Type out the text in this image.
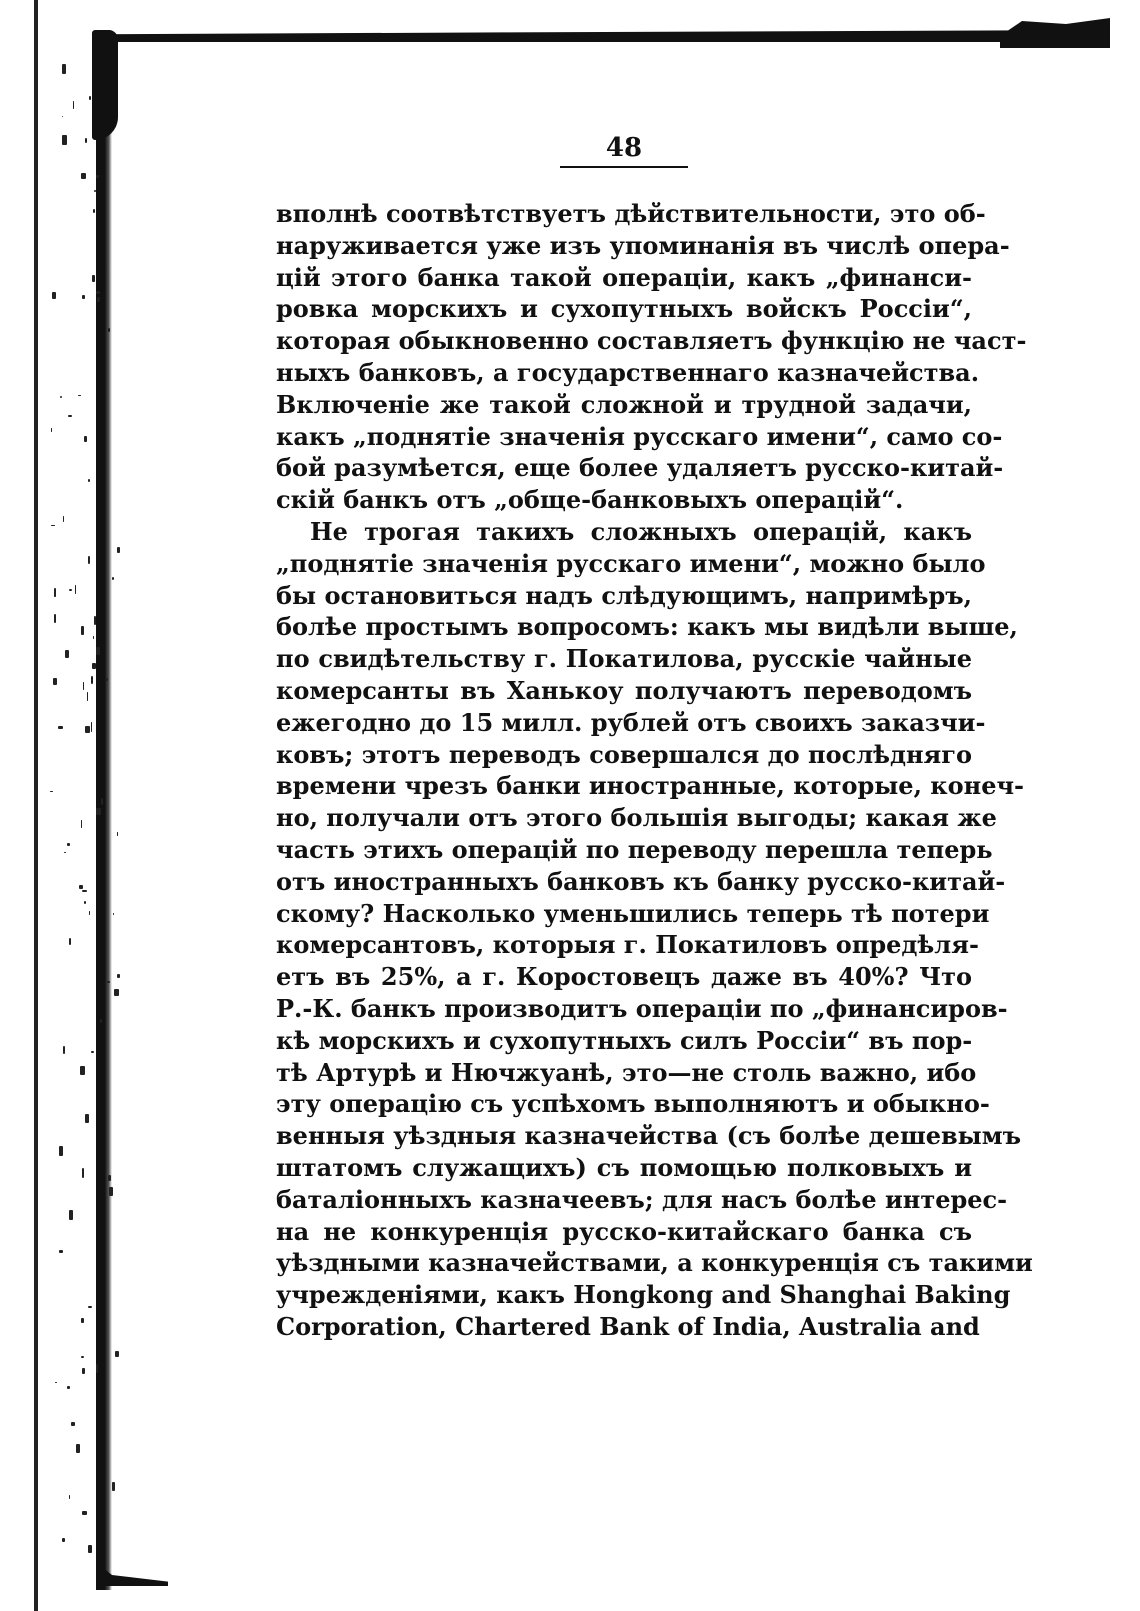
48
вполнѣ соотвѣтствуетъ дѣйствительности, это об-
наруживается уже изъ упоминанія въ числѣ опера-
цій этого банка такой операціи, какъ „финанси-
ровка морскихъ и сухопутныхъ войскъ Россіи“,
которая обыкновенно составляетъ функцію не част-
ныхъ банковъ, а государственнаго казначейства.
Включеніе же такой сложной и трудной задачи,
какъ „поднятіе значенія русскаго имени“, само со-
бой разумѣется, еще более удаляетъ русско-китай-
скій банкъ отъ „обще-банковыхъ операцій“.
Не трогая такихъ сложныхъ операцій, какъ
„поднятіе значенія русскаго имени“, можно было
бы остановиться надъ слѣдующимъ, напримѣръ,
болѣе простымъ вопросомъ: какъ мы видѣли выше,
по свидѣтельству г. Покатилова, русскіе чайные
комерсанты въ Ханькоу получаютъ переводомъ
ежегодно до 15 милл. рублей отъ своихъ заказчи-
ковъ; этотъ переводъ совершался до послѣдняго
времени чрезъ банки иностранные, которые, конеч-
но, получали отъ этого большія выгоды; какая же
часть этихъ операцій по переводу перешла теперь
отъ иностранныхъ банковъ къ банку русско-китай-
скому? Насколько уменьшились теперь тѣ потери
комерсантовъ, которыя г. Покатиловъ опредѣля-
етъ въ 25%, а г. Коростовецъ даже въ 40%? Что
Р.-К. банкъ производитъ операціи по „финансиров-
кѣ морскихъ и сухопутныхъ силъ Россіи“ въ пор-
тѣ Артурѣ и Нючжуанѣ, это—не столь важно, ибо
эту операцію съ успѣхомъ выполняютъ и обыкно-
венныя уѣздныя казначейства (съ болѣе дешевымъ
штатомъ служащихъ) съ помощью полковыхъ и
баталіонныхъ казначеевъ; для насъ болѣе интерес-
на не конкуренція русско-китайскаго банка съ
уѣздными казначействами, а конкуренція съ такими
учрежденіями, какъ Hongkong and Shanghai Baking
Corporation, Chartered Bank of India, Australia and
